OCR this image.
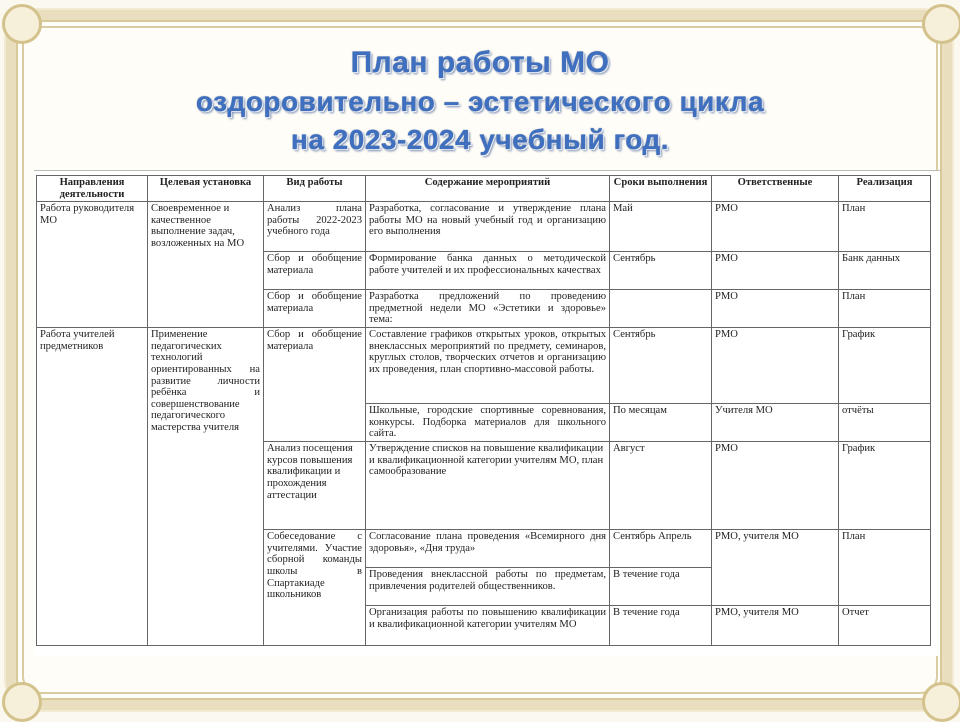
План работы МО
оздоровительно – эстетического цикла
на 2023-2024 учебный год.
Направления деятельности	Целевая установка	Вид работы	Содержание мероприятий	Сроки выполнения	Ответственные	Реализация
Работа руководителя МО	Своевременное и качественное выполнение задач, возложенных на МО	Анализ плана работы 2022-2023 учебного года	Разработка, согласование и утверждение плана работы МО на новый учебный год и организацию его выполнения	Май	РМО	План
		Сбор и обобщение материала	Формирование банка данных о методической работе учителей и их профессиональных качествах	Сентябрь	РМО	Банк данных
		Сбор и обобщение материала	Разработка предложений по проведению предметной недели МО «Эстетики и здоровье» тема:		РМО	План
Работа учителей предметников	Применение педагогических технологий ориентированных на развитие личности ребёнка и совершенствование педагогического мастерства учителя	Сбор и обобщение материала	Составление графиков открытых уроков, открытых внеклассных мероприятий по предмету, семинаров, круглых столов, творческих отчетов и организацию их проведения, план спортивно-массовой работы.	Сентябрь	РМО	График
			Школьные, городские спортивные соревнования, конкурсы. Подборка материалов для школьного сайта.	По месяцам	Учителя МО	отчёты
		Анализ посещения курсов повышения квалификации и прохождения аттестации	Утверждение списков на повышение квалификации и квалификационной категории учителям МО, план самообразование	Август	РМО	График
		Собеседование с учителями. Участие сборной команды школы в Спартакиаде школьников	Согласование плана проведения «Всемирного дня здоровья», «Дня труда»	Сентябрь Апрель	РМО, учителя МО	План
			Проведения внеклассной работы по предметам, привлечения родителей общественников.	В течение года		
			Организация работы по повышению квалификации и квалификационной категории учителям МО	В течение года	РМО, учителя МО	Отчет
